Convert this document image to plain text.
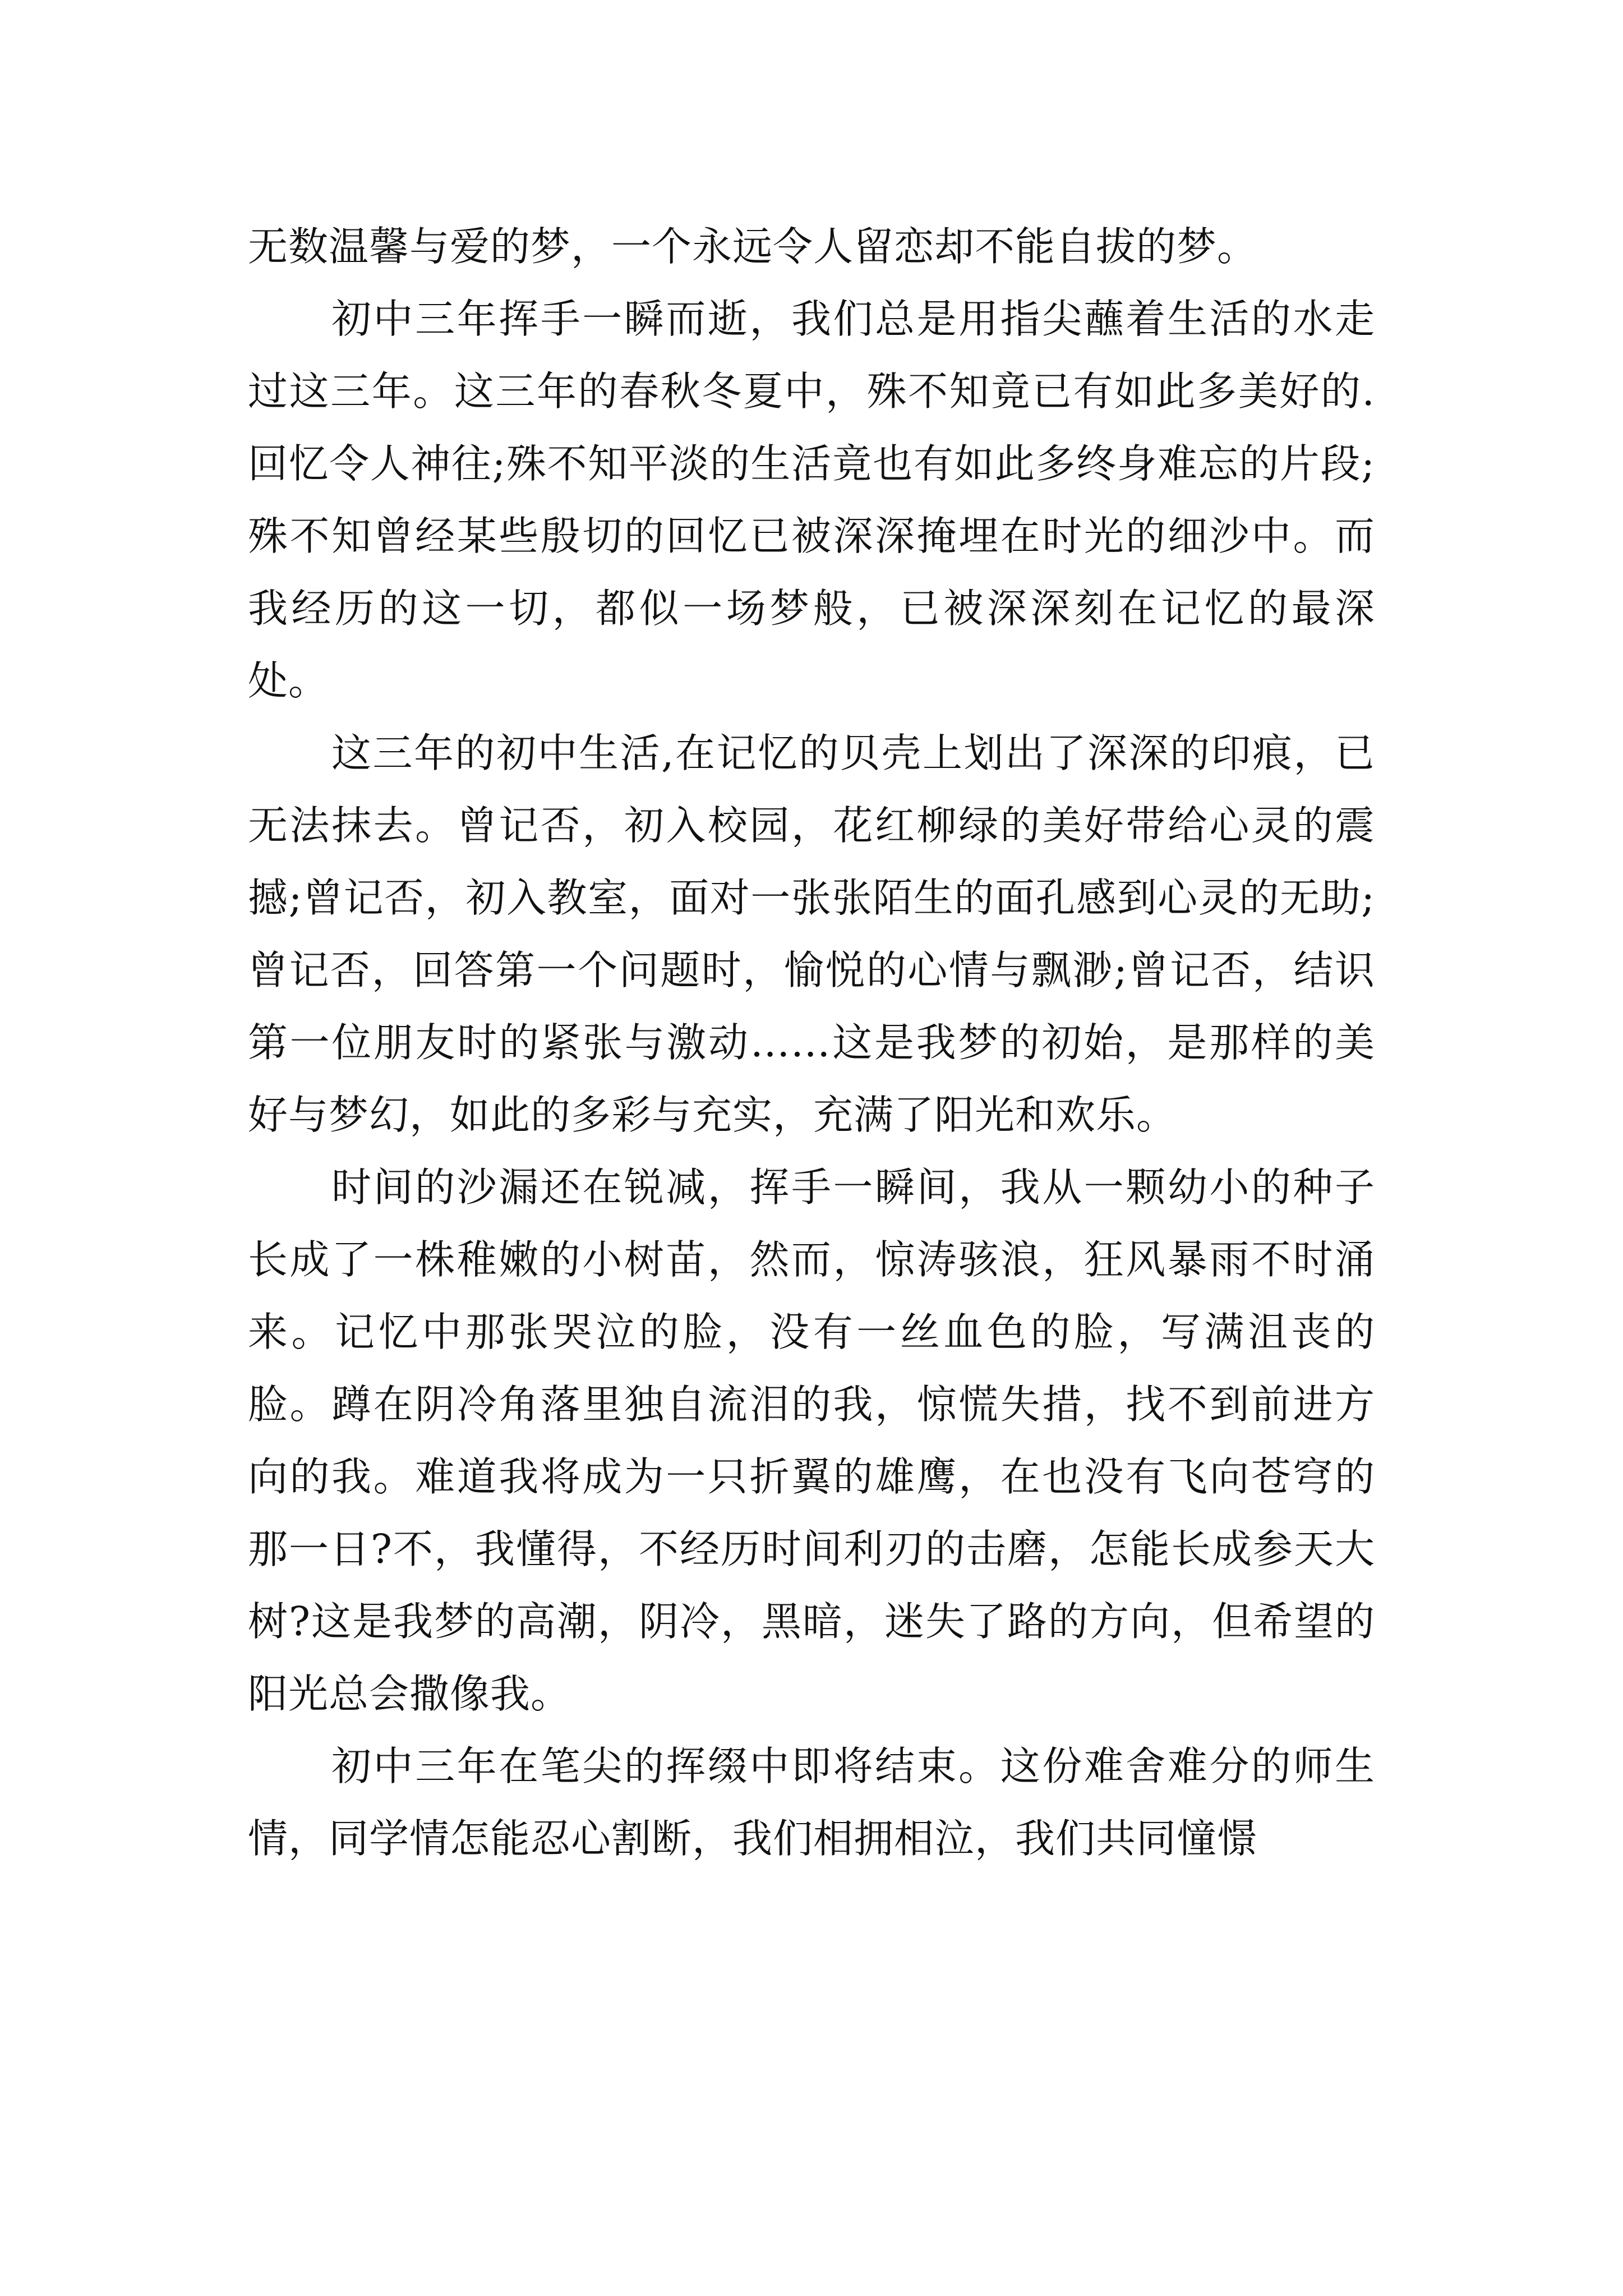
无数温馨与爱的梦，一个永远令人留恋却不能自拔的梦。

初中三年挥手一瞬而逝，我们总是用指尖蘸着生活的水走过这三年。这三年的春秋冬夏中，殊不知竟已有如此多美好的.回忆令人神往;殊不知平淡的生活竟也有如此多终身难忘的片段;殊不知曾经某些殷切的回忆已被深深掩埋在时光的细沙中。而我经历的这一切，都似一场梦般，已被深深刻在记忆的最深处。

这三年的初中生活,在记忆的贝壳上划出了深深的印痕，已无法抹去。曾记否，初入校园，花红柳绿的美好带给心灵的震撼;曾记否，初入教室，面对一张张陌生的面孔感到心灵的无助;曾记否，回答第一个问题时，愉悦的心情与飘渺;曾记否，结识第一位朋友时的紧张与激动……这是我梦的初始，是那样的美好与梦幻，如此的多彩与充实，充满了阳光和欢乐。

时间的沙漏还在锐减，挥手一瞬间，我从一颗幼小的种子长成了一株稚嫩的小树苗，然而，惊涛骇浪，狂风暴雨不时涌来。记忆中那张哭泣的脸，没有一丝血色的脸，写满沮丧的脸。蹲在阴冷角落里独自流泪的我，惊慌失措，找不到前进方向的我。难道我将成为一只折翼的雄鹰，在也没有飞向苍穹的那一日?不，我懂得，不经历时间利刃的击磨，怎能长成参天大树?这是我梦的高潮，阴冷，黑暗，迷失了路的方向，但希望的阳光总会撒像我。

初中三年在笔尖的挥缀中即将结束。这份难舍难分的师生情，同学情怎能忍心割断，我们相拥相泣，我们共同憧憬
